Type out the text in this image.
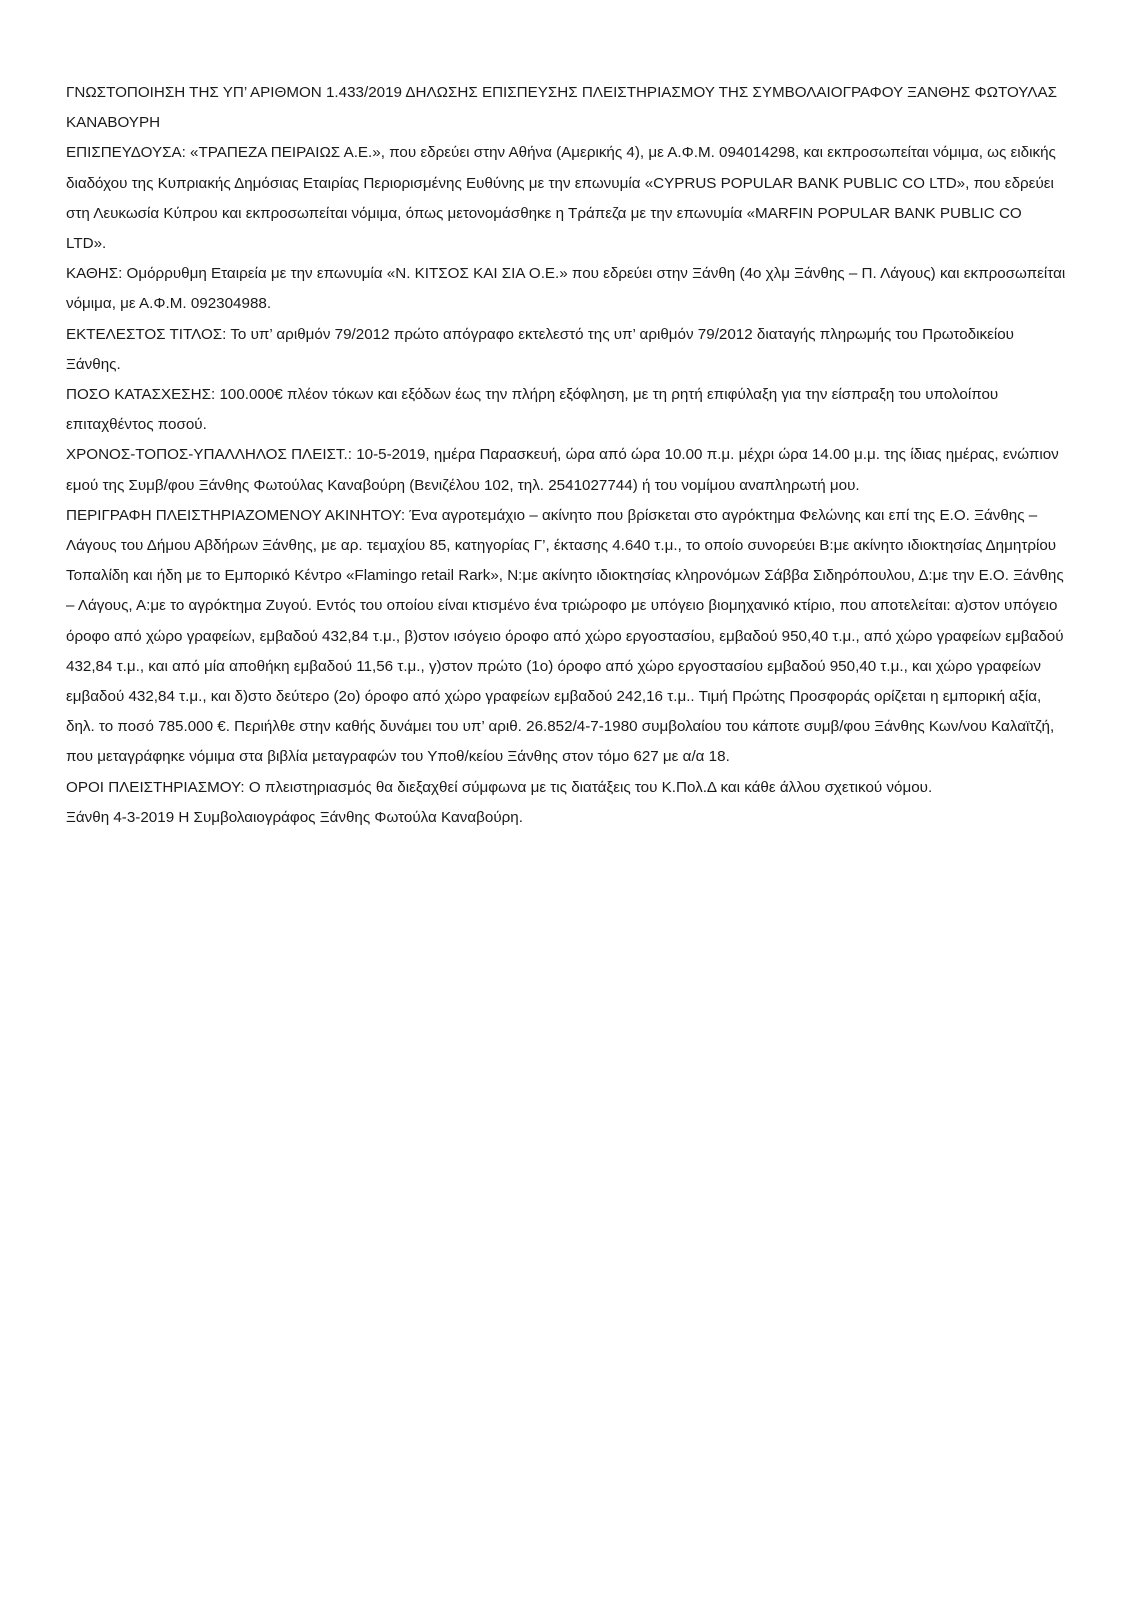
ΓΝΩΣΤΟΠΟΙΗΣΗ ΤΗΣ ΥΠ’ ΑΡΙΘΜΟΝ 1.433/2019 ΔΗΛΩΣΗΣ ΕΠΙΣΠΕΥΣΗΣ ΠΛΕΙΣΤΗΡΙΑΣΜΟΥ ΤΗΣ ΣΥΜΒΟΛΑΙΟΓΡΑΦΟΥ ΞΑΝΘΗΣ ΦΩΤΟΥΛΑΣ ΚΑΝΑΒΟΥΡΗ

ΕΠΙΣΠΕΥΔΟΥΣΑ: «ΤΡΑΠΕΖΑ ΠΕΙΡΑΙΩΣ Α.Ε.», που εδρεύει στην Αθήνα (Αμερικής 4), με Α.Φ.Μ. 094014298, και εκπροσωπείται νόμιμα, ως ειδικής διαδόχου της Κυπριακής Δημόσιας Εταιρίας Περιορισμένης Ευθύνης με την επωνυμία «CYPRUS POPULAR BANK PUBLIC CO LTD», που εδρεύει στη Λευκωσία Κύπρου και εκπροσωπείται νόμιμα, όπως μετονομάσθηκε η Τράπεζα με την επωνυμία «MARFIN POPULAR BANK PUBLIC CO LTD».

ΚΑΘΗΣ: Ομόρρυθμη Εταιρεία με την επωνυμία «Ν. ΚΙΤΣΟΣ ΚΑΙ ΣΙΑ Ο.Ε.» που εδρεύει στην Ξάνθη (4ο χλμ Ξάνθης – Π. Λάγους) και εκπροσωπείται νόμιμα, με Α.Φ.Μ. 092304988.

ΕΚΤΕΛΕΣΤΟΣ ΤΙΤΛΟΣ: Το υπ’ αριθμόν 79/2012 πρώτο απόγραφο εκτελεστό της υπ’ αριθμόν 79/2012 διαταγής πληρωμής του Πρωτοδικείου Ξάνθης.

ΠΟΣΟ ΚΑΤΑΣΧΕΣΗΣ: 100.000€ πλέον τόκων και εξόδων έως την πλήρη εξόφληση, με τη ρητή επιφύλαξη για την είσπραξη του υπολοίπου επιταχθέντος ποσού.

ΧΡΟΝΟΣ-ΤΟΠΟΣ-ΥΠΑΛΛΗΛΟΣ ΠΛΕΙΣΤ.: 10-5-2019, ημέρα Παρασκευή, ώρα από ώρα 10.00 π.μ. μέχρι ώρα 14.00 μ.μ. της ίδιας ημέρας, ενώπιον εμού της Συμβ/φου Ξάνθης Φωτούλας Καναβούρη (Βενιζέλου 102, τηλ. 2541027744) ή του νομίμου αναπληρωτή μου.

ΠΕΡΙΓΡΑΦΗ ΠΛΕΙΣΤΗΡΙΑΖΟΜΕΝΟΥ ΑΚΙΝΗΤΟΥ: Ένα αγροτεμάχιο – ακίνητο που βρίσκεται στο αγρόκτημα Φελώνης και επί της Ε.Ο. Ξάνθης – Λάγους του Δήμου Αβδήρων Ξάνθης, με αρ. τεμαχίου 85, κατηγορίας Γ’, έκτασης 4.640 τ.μ., το οποίο συνορεύει Β:με ακίνητο ιδιοκτησίας Δημητρίου Τοπαλίδη και ήδη με το Εμπορικό Κέντρο «Flamingo retail Rark», Ν:με ακίνητο ιδιοκτησίας κληρονόμων Σάββα Σιδηρόπουλου, Δ:με την Ε.Ο. Ξάνθης – Λάγους, Α:με το αγρόκτημα Ζυγού. Εντός του οποίου είναι κτισμένο ένα τριώροφο με υπόγειο βιομηχανικό κτίριο, που αποτελείται: α)στον υπόγειο όροφο από χώρο γραφείων, εμβαδού 432,84 τ.μ., β)στον ισόγειο όροφο από χώρο εργοστασίου, εμβαδού 950,40 τ.μ., από χώρο γραφείων εμβαδού 432,84 τ.μ., και από μία αποθήκη εμβαδού 11,56 τ.μ., γ)στον πρώτο (1ο) όροφο από χώρο εργοστασίου εμβαδού 950,40 τ.μ., και χώρο γραφείων εμβαδού 432,84 τ.μ., και δ)στο δεύτερο (2ο) όροφο από χώρο γραφείων εμβαδού 242,16 τ.μ.. Τιμή Πρώτης Προσφοράς ορίζεται η εμπορική αξία, δηλ. το ποσό 785.000 €. Περιήλθε στην καθής δυνάμει του υπ’ αριθ. 26.852/4-7-1980 συμβολαίου του κάποτε συμβ/φου Ξάνθης Κων/νου Καλαϊτζή, που μεταγράφηκε νόμιμα στα βιβλία μεταγραφών του Υποθ/κείου Ξάνθης στον τόμο 627 με α/α 18.

ΟΡΟΙ ΠΛΕΙΣΤΗΡΙΑΣΜΟΥ: Ο πλειστηριασμός θα διεξαχθεί σύμφωνα με τις διατάξεις του Κ.Πολ.Δ και κάθε άλλου σχετικού νόμου.

Ξάνθη 4-3-2019 Η Συμβολαιογράφος Ξάνθης Φωτούλα Καναβούρη.
